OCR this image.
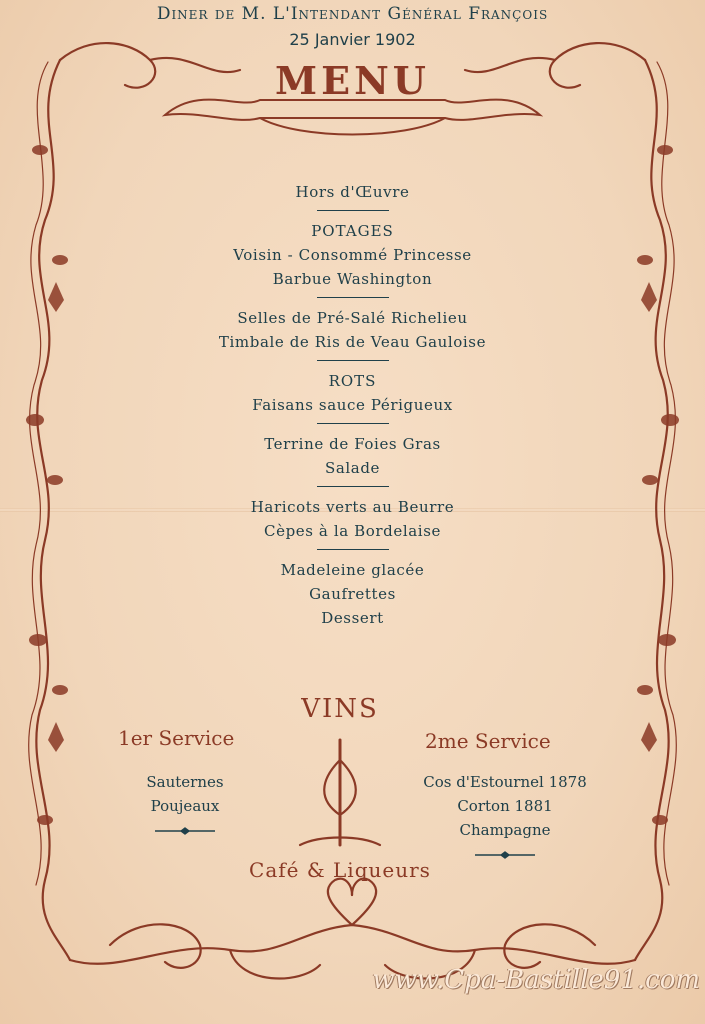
Diner de M. L'Intendant Général François
25 Janvier 1902
MENU
Hors d'Œuvre
POTAGES
Voisin - Consommé Princesse
Barbue Washington
Selles de Pré-Salé Richelieu
Timbale de Ris de Veau Gauloise
ROTS
Faisans sauce Périgueux
Terrine de Foies Gras
Salade
Haricots verts au Beurre
Cèpes à la Bordelaise
Madeleine glacée
Gaufrettes
Dessert
VINS
1er Service	2me Service
Sauternes
Poujeaux
Cos d'Estournel 1878
Corton 1881
Champagne
Café & Liqueurs
www.Cpa-Bastille91.com
